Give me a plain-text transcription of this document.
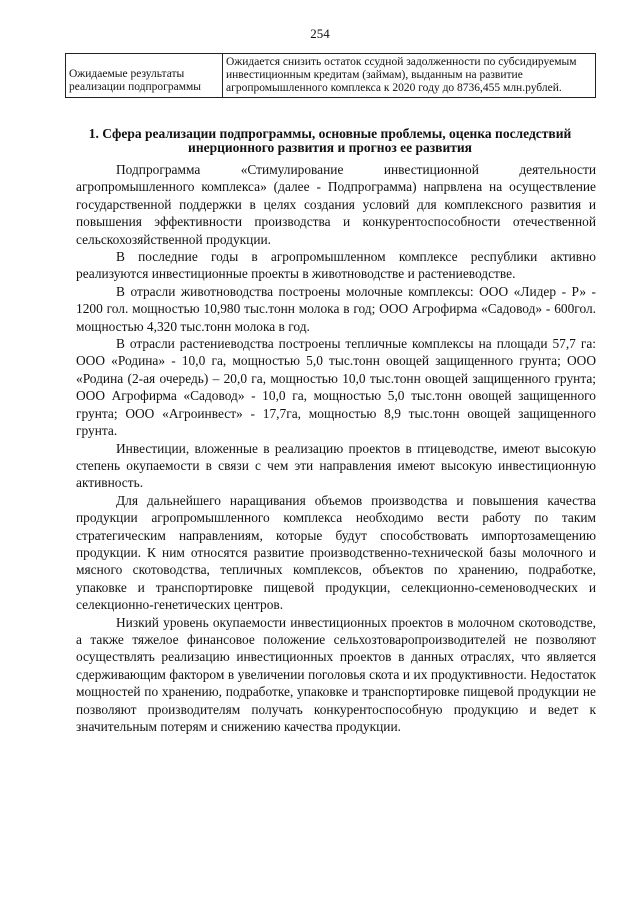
254
Ожидаемые результаты реализации подпрограммы	Ожидается снизить остаток ссудной задолженности по субсидируемым инвестиционным кредитам (займам), выданным на развитие агропромышленного комплекса к 2020 году до 8736,455 млн.рублей.
1. Сфера реализации подпрограммы, основные проблемы, оценка последствий инерционного развития и прогноз ее развития

Подпрограмма «Стимулирование инвестиционной деятельности агропромышленного комплекса» (далее - Подпрограмма) напрвлена на осуществление государственной поддержки в целях создания условий для комплексного развития и повышения эффективности производства и конкурентоспособности отечественной сельскохозяйственной продукции.

В последние годы в агропромышленном комплексе республики активно реализуются инвестиционные проекты в животноводстве и растениеводстве.

В отрасли животноводства построены молочные комплексы: ООО «Лидер - Р» - 1200 гол. мощностью 10,980 тыс.тонн молока в год; ООО Агрофирма «Садовод» - 600гол. мощностью 4,320 тыс.тонн молока в год.

В отрасли растениеводства построены тепличные комплексы на площади 57,7 га: ООО «Родина» - 10,0 га, мощностью 5,0 тыс.тонн овощей защищенного грунта; ООО «Родина (2-ая очередь) – 20,0 га, мощностью 10,0 тыс.тонн овощей защищенного грунта; ООО Агрофирма «Садовод» - 10,0 га, мощностью 5,0 тыс.тонн овощей защищенного грунта; ООО «Агроинвест» - 17,7га, мощностью 8,9 тыс.тонн овощей защищенного грунта.

Инвестиции, вложенные в реализацию проектов в птицеводстве, имеют высокую степень окупаемости в связи с чем эти направления имеют высокую инвестиционную активность.

Для дальнейшего наращивания объемов производства и повышения качества продукции агропромышленного комплекса необходимо вести работу по таким стратегическим направлениям, которые будут способствовать импортозамещению продукции. К ним относятся развитие производственно-технической базы молочного и мясного скотоводства, тепличных комплексов, объектов по хранению, подработке, упаковке и транспортировке пищевой продукции, селекционно-семеноводческих и селекционно-генетических центров.

Низкий уровень окупаемости инвестиционных проектов в молочном скотоводстве, а также тяжелое финансовое положение сельхозтоваропроизводителей не позволяют осуществлять реализацию инвестиционных проектов в данных отраслях, что является сдерживающим фактором в увеличении поголовья скота и их продуктивности. Недостаток мощностей по хранению, подработке, упаковке и транспортировке пищевой продукции не позволяют производителям получать конкурентоспособную продукцию и ведет к значительным потерям и снижению качества продукции.
